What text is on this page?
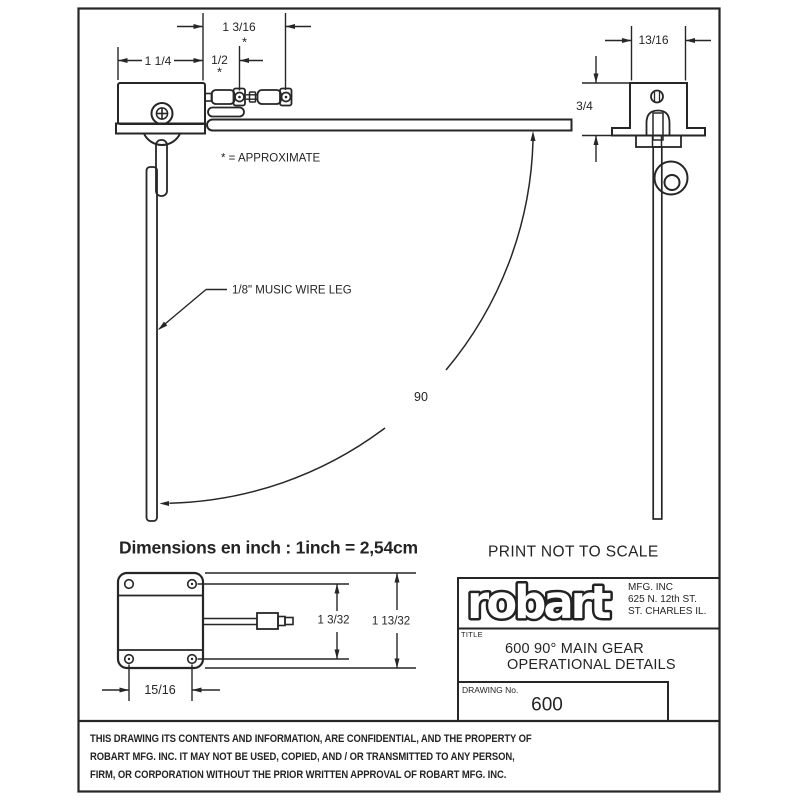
1 1/4	1/2
*
1 3/16
*
* = APPROXIMATE
1/8" MUSIC WIRE LEG
90
13/16
3/4
1 3/32 1 13/32
15/16
Dimensions en inch : 1inch = 2,54cm	PRINT NOT TO SCALE
robart MFG. INC
625 N. 12th ST.
ST. CHARLES IL.
TITLE
600 90° MAIN GEAR
OPERATIONAL DETAILS
DRAWING No.
600
THIS DRAWING ITS CONTENTS AND INFORMATION, ARE CONFIDENTIAL, AND THE PROPERTY OF
ROBART MFG. INC. IT MAY NOT BE USED, COPIED, AND / OR TRANSMITTED TO ANY PERSON,
FIRM, OR CORPORATION WITHOUT THE PRIOR WRITTEN APPROVAL OF ROBART MFG. INC.
